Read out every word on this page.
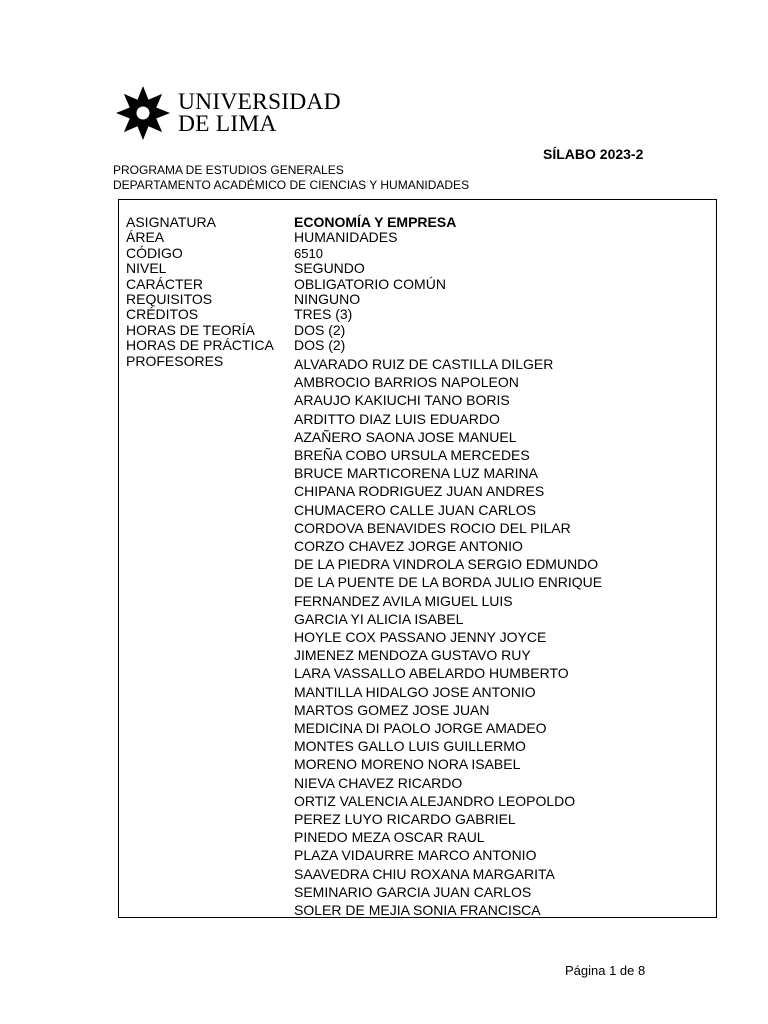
UNIVERSIDAD
DE LIMA
SÍLABO 2023-2
PROGRAMA DE ESTUDIOS GENERALES
DEPARTAMENTO ACADÉMICO DE CIENCIAS Y HUMANIDADES
ASIGNATURA
ÁREA
CÓDIGO
NIVEL
CARÁCTER
REQUISITOS
CRÉDITOS
HORAS DE TEORÍA
HORAS DE PRÁCTICA
PROFESORES
ECONOMÍA Y EMPRESA
HUMANIDADES
6510
SEGUNDO
OBLIGATORIO COMÚN
NINGUNO
TRES (3)
DOS (2)
DOS (2)
ALVARADO RUIZ DE CASTILLA DILGER
AMBROCIO BARRIOS NAPOLEON
ARAUJO KAKIUCHI TANO BORIS
ARDITTO DIAZ LUIS EDUARDO
AZAÑERO SAONA JOSE MANUEL
BREÑA COBO URSULA MERCEDES
BRUCE MARTICORENA LUZ MARINA
CHIPANA RODRIGUEZ JUAN ANDRES
CHUMACERO CALLE JUAN CARLOS
CORDOVA BENAVIDES ROCIO DEL PILAR
CORZO CHAVEZ JORGE ANTONIO
DE LA PIEDRA VINDROLA SERGIO EDMUNDO
DE LA PUENTE DE LA BORDA JULIO ENRIQUE
FERNANDEZ AVILA MIGUEL LUIS
GARCIA YI ALICIA ISABEL
HOYLE COX PASSANO JENNY JOYCE
JIMENEZ MENDOZA GUSTAVO RUY
LARA VASSALLO ABELARDO HUMBERTO
MANTILLA HIDALGO JOSE ANTONIO
MARTOS GOMEZ JOSE JUAN
MEDICINA DI PAOLO JORGE AMADEO
MONTES GALLO LUIS GUILLERMO
MORENO MORENO NORA ISABEL
NIEVA CHAVEZ RICARDO
ORTIZ VALENCIA ALEJANDRO LEOPOLDO
PEREZ LUYO RICARDO GABRIEL
PINEDO MEZA OSCAR RAUL
PLAZA VIDAURRE MARCO ANTONIO
SAAVEDRA CHIU ROXANA MARGARITA
SEMINARIO GARCIA JUAN CARLOS
SOLER DE MEJIA SONIA FRANCISCA
Página 1 de 8
